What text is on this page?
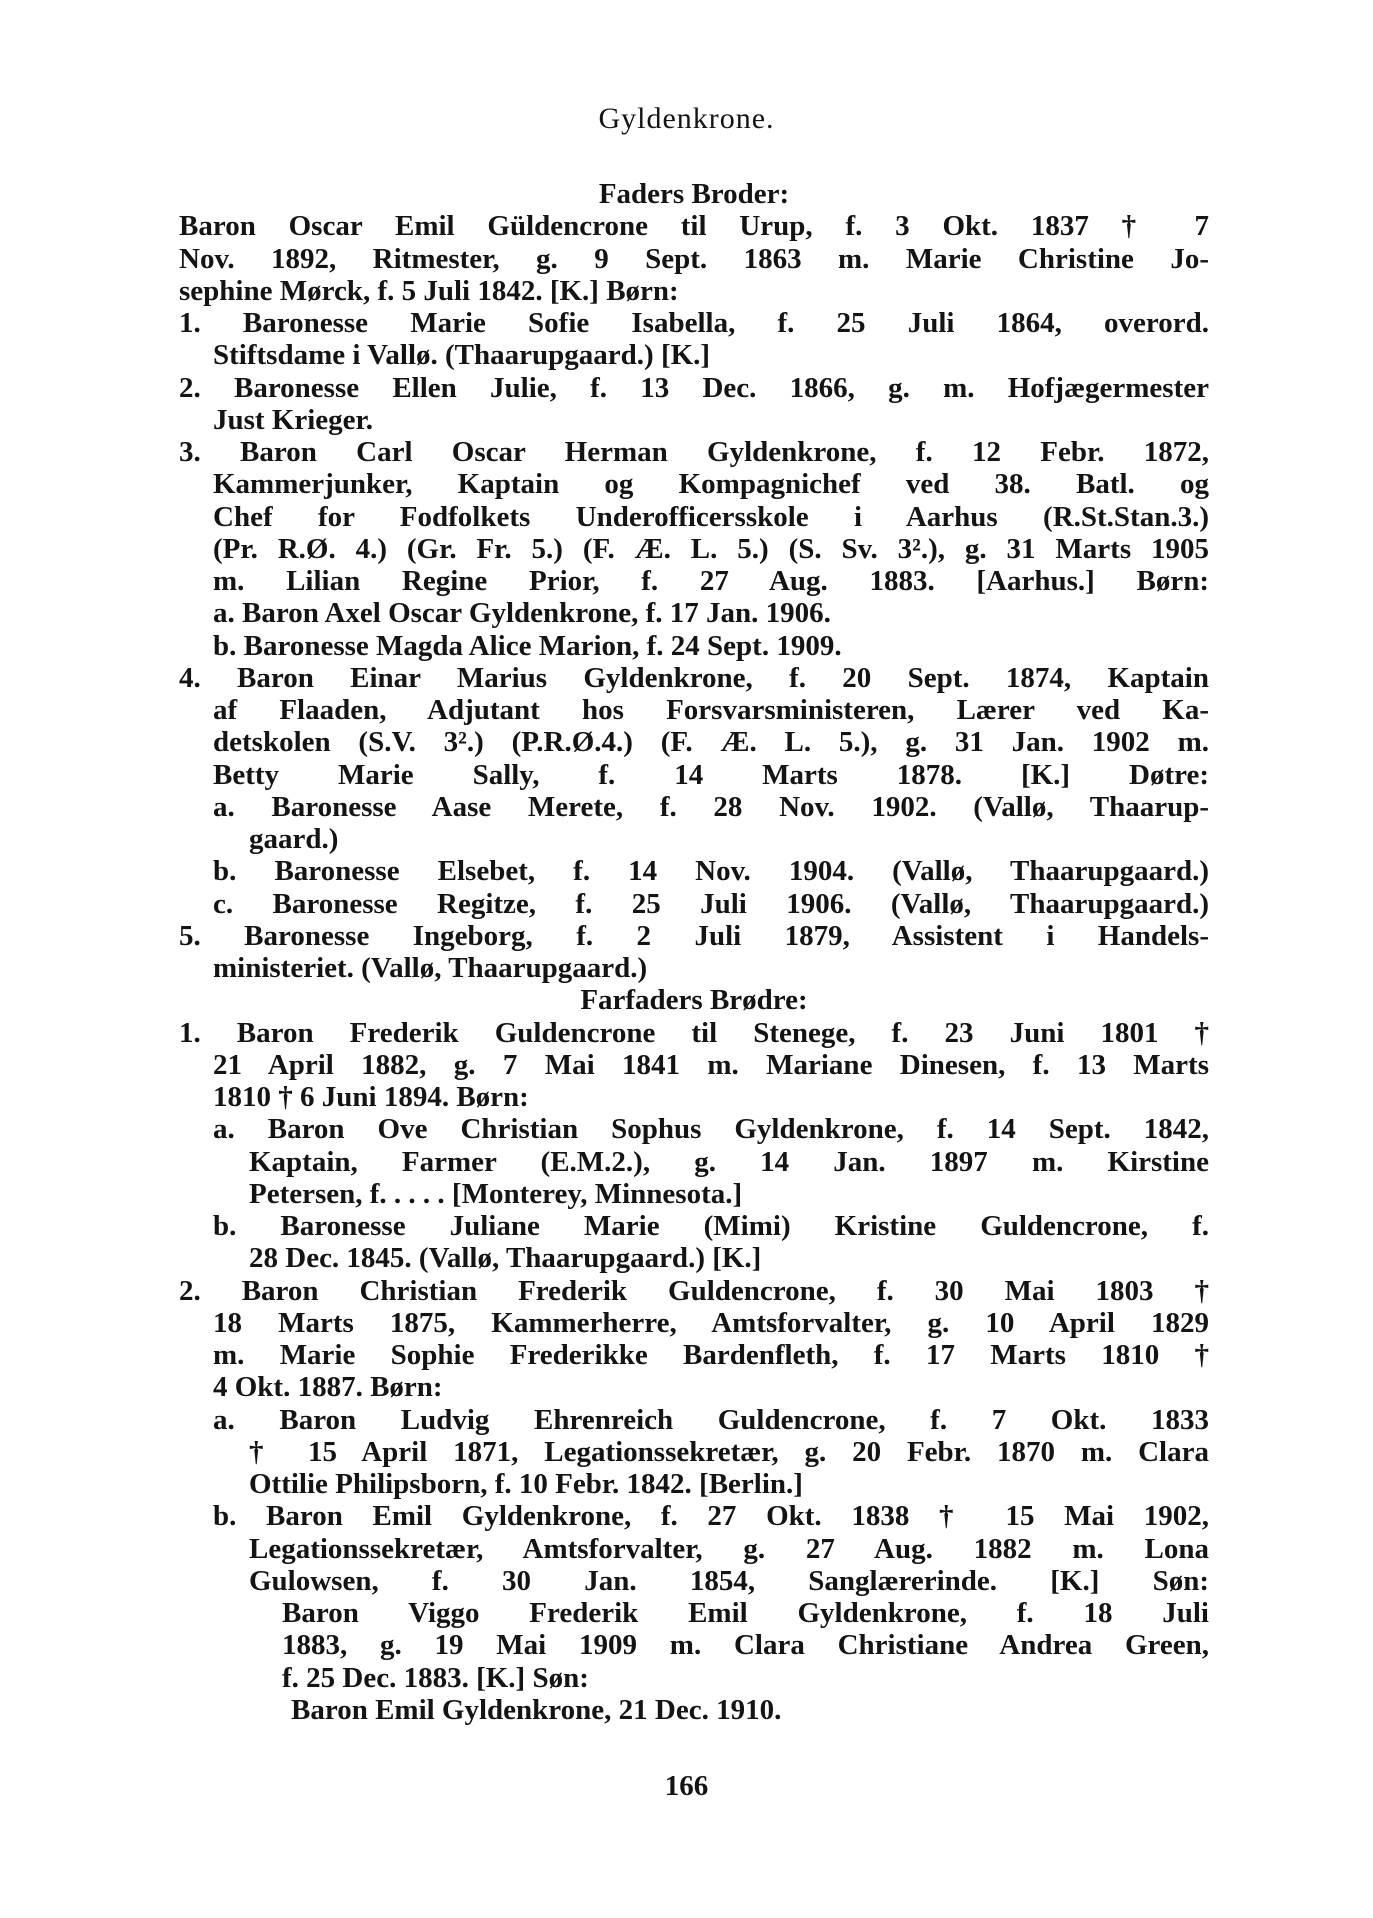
Gyldenkrone.
Faders Broder:
Baron Oscar Emil Güldencrone til Urup, f. 3 Okt. 1837 † 7
Nov. 1892, Ritmester, g. 9 Sept. 1863 m. Marie Christine Jo-
sephine Mørck, f. 5 Juli 1842. [K.] Børn:
1. Baronesse Marie Sofie Isabella, f. 25 Juli 1864, overord.
Stiftsdame i Vallø. (Thaarupgaard.) [K.]
2. Baronesse Ellen Julie, f. 13 Dec. 1866, g. m. Hofjægermester
Just Krieger.
3. Baron Carl Oscar Herman Gyldenkrone, f. 12 Febr. 1872,
Kammerjunker, Kaptain og Kompagnichef ved 38. Batl. og
Chef for Fodfolkets Underofficersskole i Aarhus (R.St.Stan.3.)
(Pr. R.Ø. 4.) (Gr. Fr. 5.) (F. Æ. L. 5.) (S. Sv. 3².), g. 31 Marts 1905
m. Lilian Regine Prior, f. 27 Aug. 1883. [Aarhus.] Børn:
a. Baron Axel Oscar Gyldenkrone, f. 17 Jan. 1906.
b. Baronesse Magda Alice Marion, f. 24 Sept. 1909.
4. Baron Einar Marius Gyldenkrone, f. 20 Sept. 1874, Kaptain
af Flaaden, Adjutant hos Forsvarsministeren, Lærer ved Ka-
detskolen (S.V. 3².) (P.R.Ø.4.) (F. Æ. L. 5.), g. 31 Jan. 1902 m.
Betty Marie Sally, f. 14 Marts 1878. [K.] Døtre:
a. Baronesse Aase Merete, f. 28 Nov. 1902. (Vallø, Thaarup-
gaard.)
b. Baronesse Elsebet, f. 14 Nov. 1904. (Vallø, Thaarupgaard.)
c. Baronesse Regitze, f. 25 Juli 1906. (Vallø, Thaarupgaard.)
5. Baronesse Ingeborg, f. 2 Juli 1879, Assistent i Handels-
ministeriet. (Vallø, Thaarupgaard.)
Farfaders Brødre:
1. Baron Frederik Guldencrone til Stenege, f. 23 Juni 1801 †
21 April 1882, g. 7 Mai 1841 m. Mariane Dinesen, f. 13 Marts
1810 † 6 Juni 1894. Børn:
a. Baron Ove Christian Sophus Gyldenkrone, f. 14 Sept. 1842,
Kaptain, Farmer (E.M.2.), g. 14 Jan. 1897 m. Kirstine
Petersen, f. . . . . [Monterey, Minnesota.]
b. Baronesse Juliane Marie (Mimi) Kristine Guldencrone, f.
28 Dec. 1845. (Vallø, Thaarupgaard.) [K.]
2. Baron Christian Frederik Guldencrone, f. 30 Mai 1803 †
18 Marts 1875, Kammerherre, Amtsforvalter, g. 10 April 1829
m. Marie Sophie Frederikke Bardenfleth, f. 17 Marts 1810 †
4 Okt. 1887. Børn:
a. Baron Ludvig Ehrenreich Guldencrone, f. 7 Okt. 1833
† 15 April 1871, Legationssekretær, g. 20 Febr. 1870 m. Clara
Ottilie Philipsborn, f. 10 Febr. 1842. [Berlin.]
b. Baron Emil Gyldenkrone, f. 27 Okt. 1838 † 15 Mai 1902,
Legationssekretær, Amtsforvalter, g. 27 Aug. 1882 m. Lona
Gulowsen, f. 30 Jan. 1854, Sanglærerinde. [K.] Søn:
Baron Viggo Frederik Emil Gyldenkrone, f. 18 Juli
1883, g. 19 Mai 1909 m. Clara Christiane Andrea Green,
f. 25 Dec. 1883. [K.] Søn:
Baron Emil Gyldenkrone, 21 Dec. 1910.
166
